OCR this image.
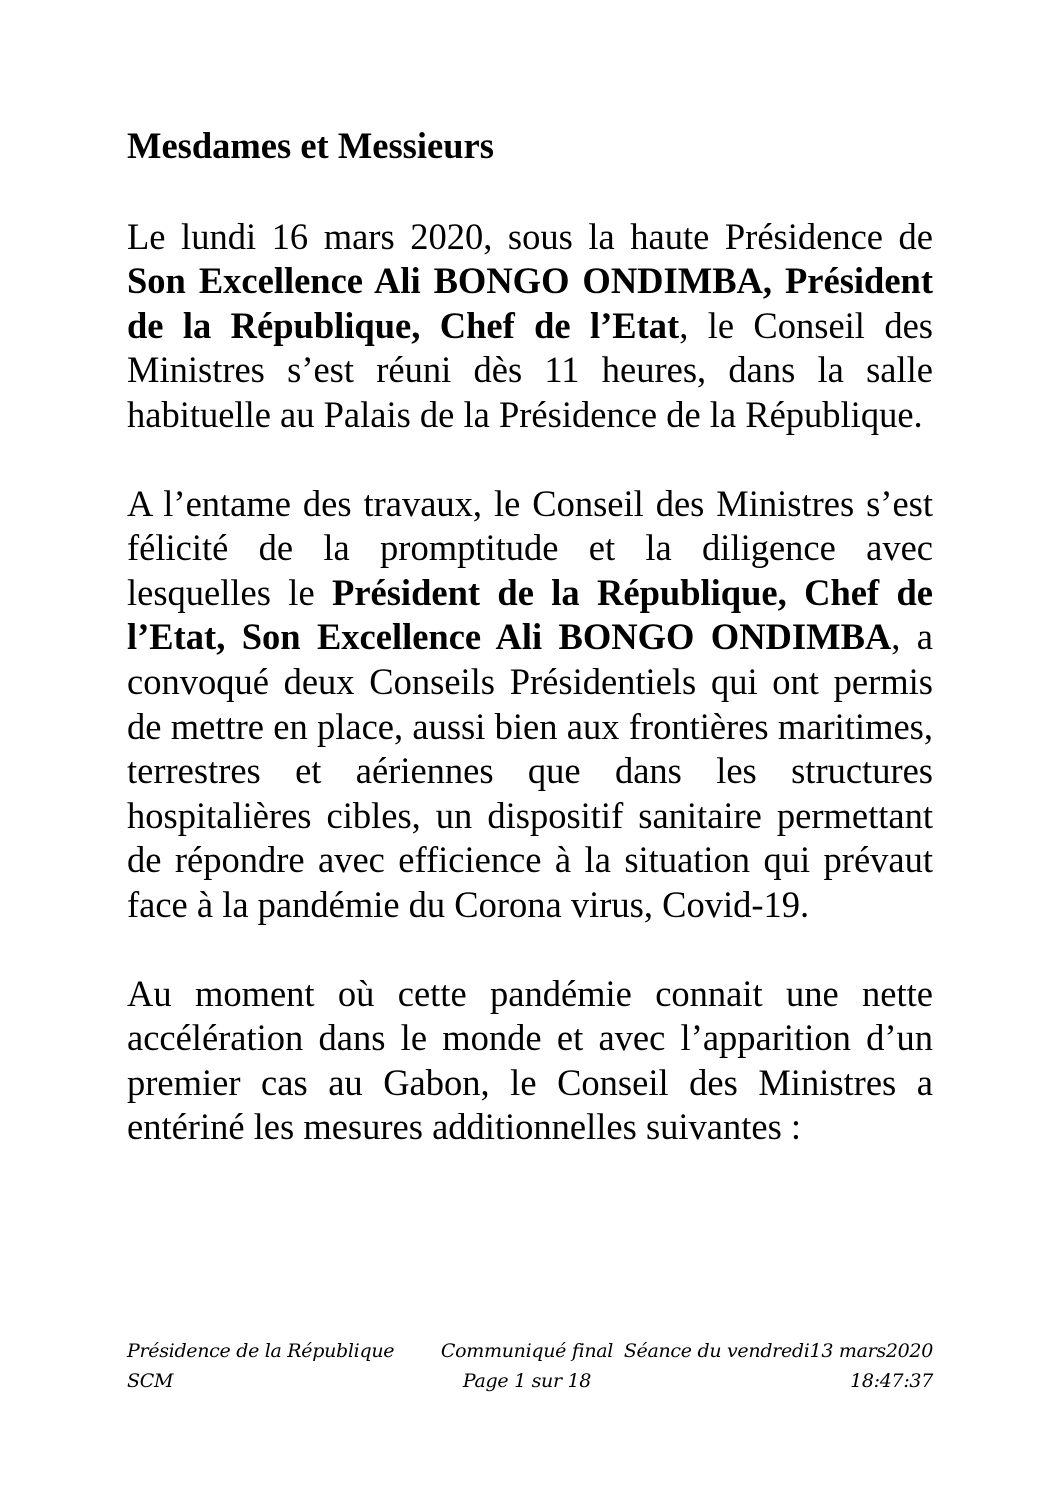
Mesdames et Messieurs

Le lundi 16 mars 2020, sous la haute Présidence de Son Excellence Ali BONGO ONDIMBA, Président de la République, Chef de l’Etat, le Conseil des Ministres s’est réuni dès 11 heures, dans la salle habituelle au Palais de la Présidence de la République.

A l’entame des travaux, le Conseil des Ministres s’est félicité de la promptitude et la diligence avec lesquelles le Président de la République, Chef de l’Etat, Son Excellence Ali BONGO ONDIMBA, a convoqué deux Conseils Présidentiels qui ont permis de mettre en place, aussi bien aux frontières maritimes, terrestres et aériennes que dans les structures hospitalières cibles, un dispositif sanitaire permettant de répondre avec efficience à la situation qui prévaut face à la pandémie du Corona virus, Covid-19.

Au moment où cette pandémie connait une nette accélération dans le monde et avec l’apparition d’un premier cas au Gabon, le Conseil des Ministres a entériné les mesures additionnelles suivantes :

Présidence de la République
SCM
Communiqué final
Page 1 sur 18
Séance du vendredi13 mars2020
18:47:37
